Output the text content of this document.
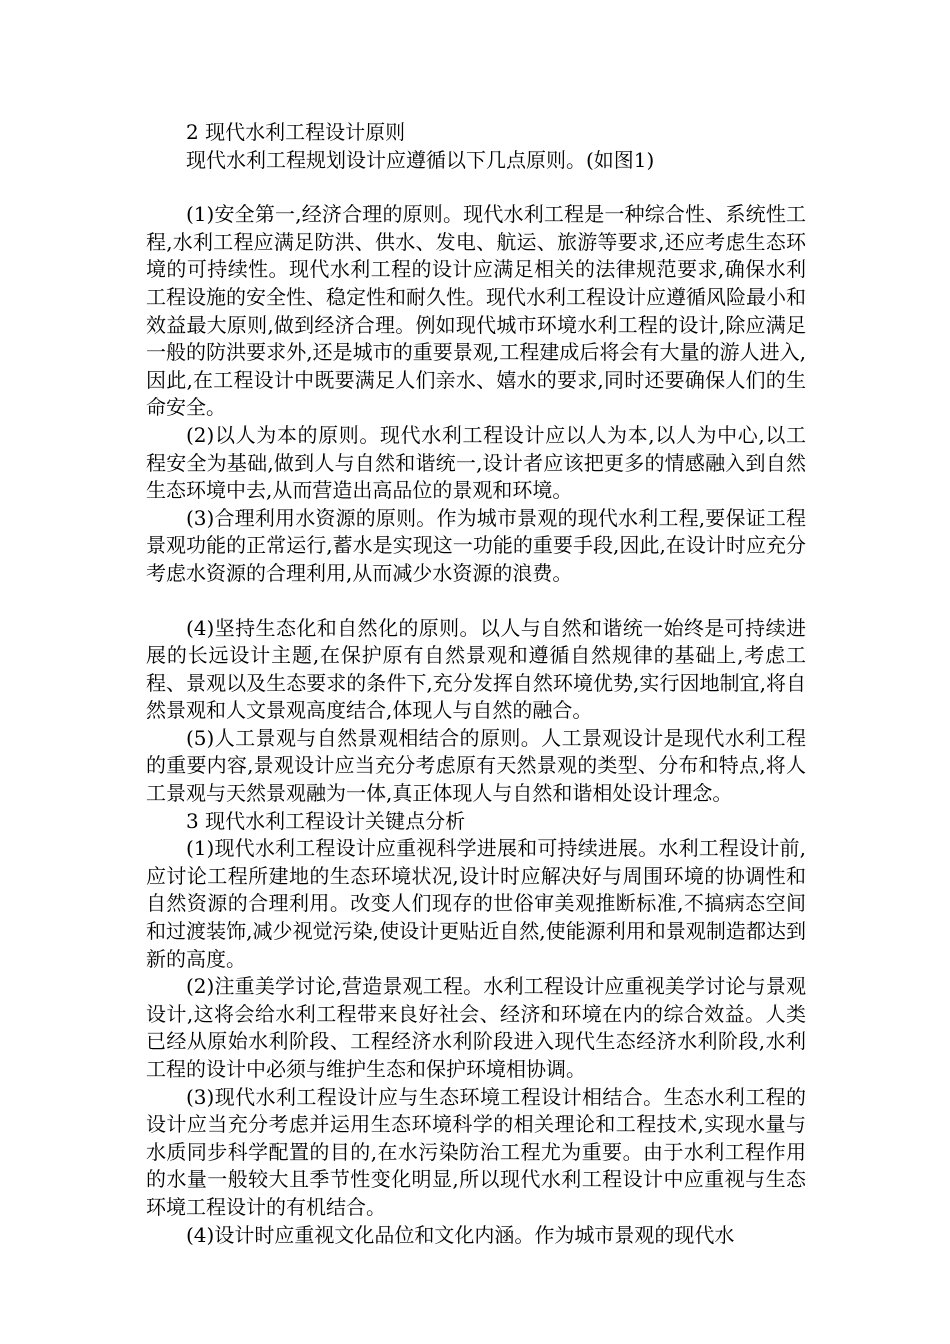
2 现代水利工程设计原则

现代水利工程规划设计应遵循以下几点原则。(如图1)

(1)安全第一,经济合理的原则。现代水利工程是一种综合性、系统性工程,水利工程应满足防洪、供水、发电、航运、旅游等要求,还应考虑生态环境的可持续性。现代水利工程的设计应满足相关的法律规范要求,确保水利工程设施的安全性、稳定性和耐久性。现代水利工程设计应遵循风险最小和效益最大原则,做到经济合理。例如现代城市环境水利工程的设计,除应满足一般的防洪要求外,还是城市的重要景观,工程建成后将会有大量的游人进入,因此,在工程设计中既要满足人们亲水、嬉水的要求,同时还要确保人们的生命安全。

(2)以人为本的原则。现代水利工程设计应以人为本,以人为中心,以工程安全为基础,做到人与自然和谐统一,设计者应该把更多的情感融入到自然生态环境中去,从而营造出高品位的景观和环境。

(3)合理利用水资源的原则。作为城市景观的现代水利工程,要保证工程景观功能的正常运行,蓄水是实现这一功能的重要手段,因此,在设计时应充分考虑水资源的合理利用,从而减少水资源的浪费。

(4)坚持生态化和自然化的原则。以人与自然和谐统一始终是可持续进展的长远设计主题,在保护原有自然景观和遵循自然规律的基础上,考虑工程、景观以及生态要求的条件下,充分发挥自然环境优势,实行因地制宜,将自然景观和人文景观高度结合,体现人与自然的融合。

(5)人工景观与自然景观相结合的原则。人工景观设计是现代水利工程的重要内容,景观设计应当充分考虑原有天然景观的类型、分布和特点,将人工景观与天然景观融为一体,真正体现人与自然和谐相处设计理念。

3 现代水利工程设计关键点分析

(1)现代水利工程设计应重视科学进展和可持续进展。水利工程设计前,应讨论工程所建地的生态环境状况,设计时应解决好与周围环境的协调性和自然资源的合理利用。改变人们现存的世俗审美观推断标准,不搞病态空间和过渡装饰,减少视觉污染,使设计更贴近自然,使能源利用和景观制造都达到新的高度。

(2)注重美学讨论,营造景观工程。水利工程设计应重视美学讨论与景观设计,这将会给水利工程带来良好社会、经济和环境在内的综合效益。人类已经从原始水利阶段、工程经济水利阶段进入现代生态经济水利阶段,水利工程的设计中必须与维护生态和保护环境相协调。

(3)现代水利工程设计应与生态环境工程设计相结合。生态水利工程的设计应当充分考虑并运用生态环境科学的相关理论和工程技术,实现水量与水质同步科学配置的目的,在水污染防治工程尤为重要。由于水利工程作用的水量一般较大且季节性变化明显,所以现代水利工程设计中应重视与生态环境工程设计的有机结合。

(4)设计时应重视文化品位和文化内涵。作为城市景观的现代水
